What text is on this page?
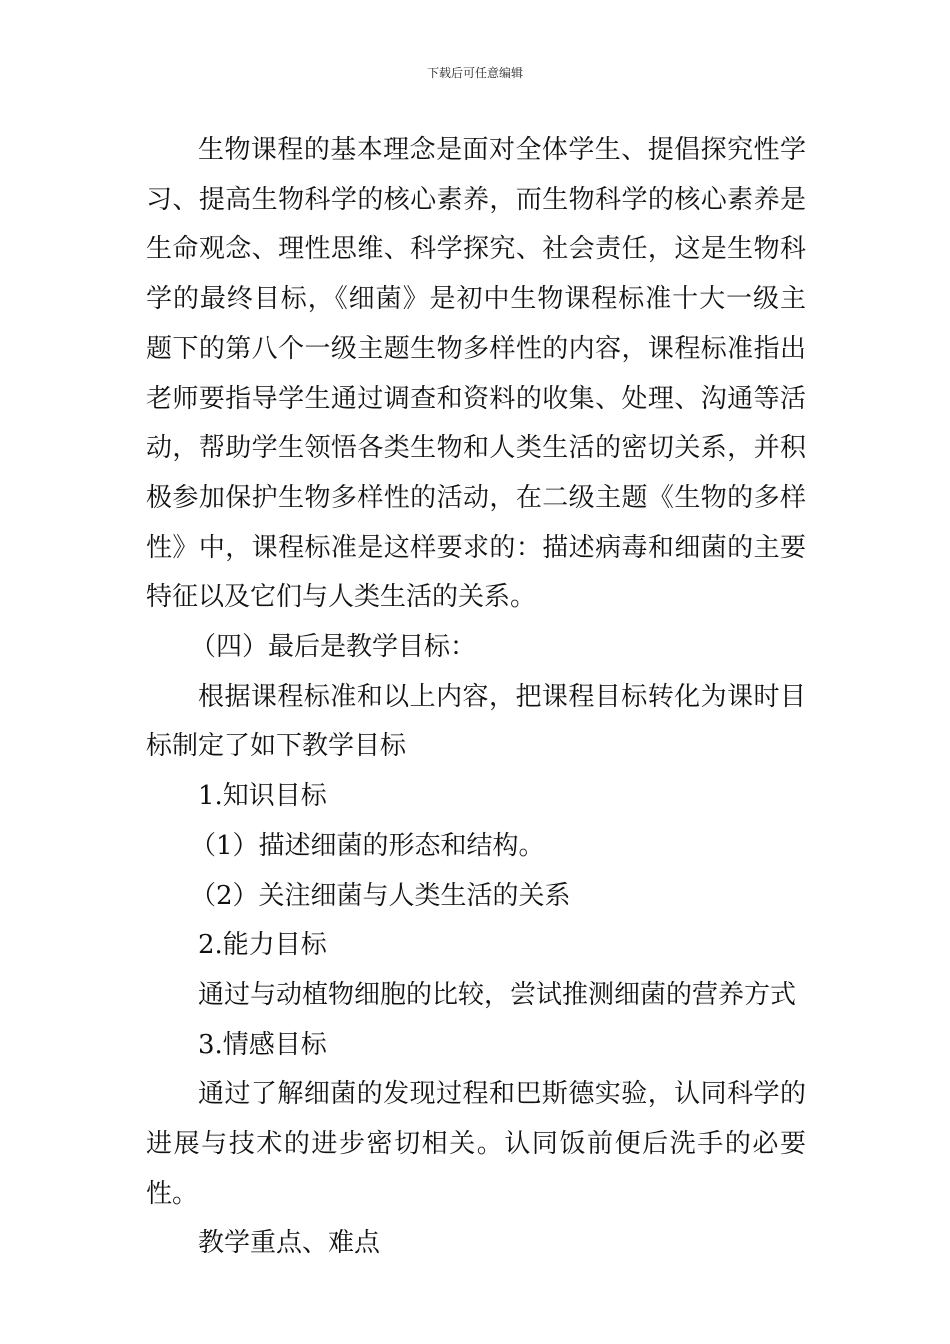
下载后可任意编辑

生物课程的基本理念是面对全体学生、提倡探究性学习、提高生物科学的核心素养，而生物科学的核心素养是生命观念、理性思维、科学探究、社会责任，这是生物科学的最终目标，《细菌》是初中生物课程标准十大一级主题下的第八个一级主题生物多样性的内容，课程标准指出老师要指导学生通过调查和资料的收集、处理、沟通等活动，帮助学生领悟各类生物和人类生活的密切关系，并积极参加保护生物多样性的活动，在二级主题《生物的多样性》中，课程标准是这样要求的：描述病毒和细菌的主要特征以及它们与人类生活的关系。

（四）最后是教学目标：

根据课程标准和以上内容，把课程目标转化为课时目标制定了如下教学目标

1.知识目标

（1）描述细菌的形态和结构。

（2）关注细菌与人类生活的关系

2.能力目标

通过与动植物细胞的比较，尝试推测细菌的营养方式

3.情感目标

通过了解细菌的发现过程和巴斯德实验，认同科学的进展与技术的进步密切相关。认同饭前便后洗手的必要性。

教学重点、难点
